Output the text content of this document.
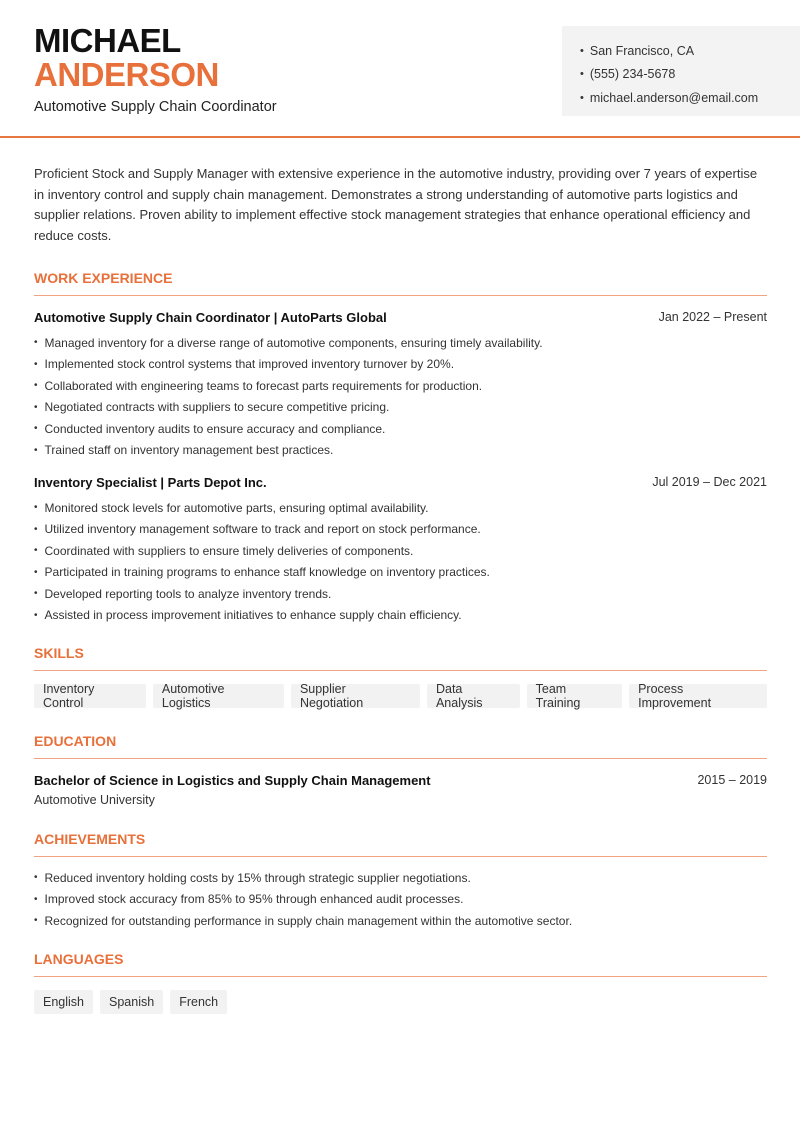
MICHAEL
ANDERSON
Automotive Supply Chain Coordinator
• San Francisco, CA
• (555) 234-5678
• michael.anderson@email.com

Proficient Stock and Supply Manager with extensive experience in the automotive industry, providing over 7 years of expertise in inventory control and supply chain management. Demonstrates a strong understanding of automotive parts logistics and supplier relations. Proven ability to implement effective stock management strategies that enhance operational efficiency and reduce costs.

WORK EXPERIENCE
Automotive Supply Chain Coordinator | AutoParts Global	Jan 2022 – Present
• Managed inventory for a diverse range of automotive components, ensuring timely availability.
• Implemented stock control systems that improved inventory turnover by 20%.
• Collaborated with engineering teams to forecast parts requirements for production.
• Negotiated contracts with suppliers to secure competitive pricing.
• Conducted inventory audits to ensure accuracy and compliance.
• Trained staff on inventory management best practices.
Inventory Specialist | Parts Depot Inc.	Jul 2019 – Dec 2021
• Monitored stock levels for automotive parts, ensuring optimal availability.
• Utilized inventory management software to track and report on stock performance.
• Coordinated with suppliers to ensure timely deliveries of components.
• Participated in training programs to enhance staff knowledge on inventory practices.
• Developed reporting tools to analyze inventory trends.
• Assisted in process improvement initiatives to enhance supply chain efficiency.
SKILLS
Inventory Control
Automotive Logistics
Supplier Negotiation
Data Analysis
Team Training
Process Improvement
EDUCATION
Bachelor of Science in Logistics and Supply Chain Management	2015 – 2019
Automotive University
ACHIEVEMENTS
• Reduced inventory holding costs by 15% through strategic supplier negotiations.
• Improved stock accuracy from 85% to 95% through enhanced audit processes.
• Recognized for outstanding performance in supply chain management within the automotive sector.
LANGUAGES
English	Spanish	French
